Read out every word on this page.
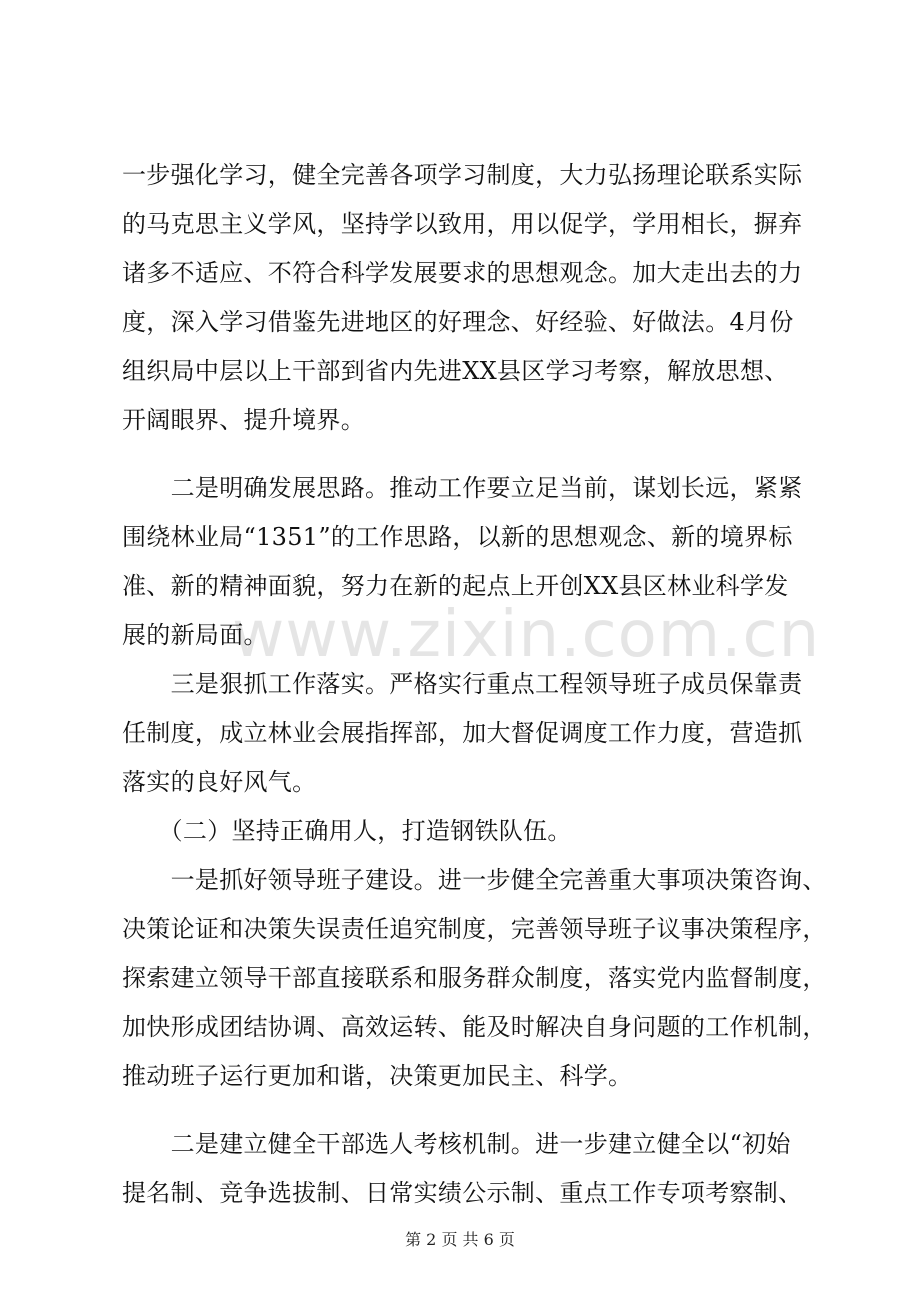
www.zixin.com.cn
一步强化学习，健全完善各项学习制度，大力弘扬理论联系实际
的马克思主义学风，坚持学以致用，用以促学，学用相长，摒弃
诸多不适应、不符合科学发展要求的思想观念。加大走出去的力
度，深入学习借鉴先进地区的好理念、好经验、好做法。4月份
组织局中层以上干部到省内先进XX县区学习考察，解放思想、
开阔眼界、提升境界。
　　二是明确发展思路。推动工作要立足当前，谋划长远，紧紧
围绕林业局“1351”的工作思路，以新的思想观念、新的境界标
准、新的精神面貌，努力在新的起点上开创XX县区林业科学发
展的新局面。
　　三是狠抓工作落实。严格实行重点工程领导班子成员保靠责
任制度，成立林业会展指挥部，加大督促调度工作力度，营造抓
落实的良好风气。
　　（二）坚持正确用人，打造钢铁队伍。
　　一是抓好领导班子建设。进一步健全完善重大事项决策咨询、
决策论证和决策失误责任追究制度，完善领导班子议事决策程序，
探索建立领导干部直接联系和服务群众制度，落实党内监督制度，
加快形成团结协调、高效运转、能及时解决自身问题的工作机制，
推动班子运行更加和谐，决策更加民主、科学。
　　二是建立健全干部选人考核机制。进一步建立健全以“初始
提名制、竞争选拔制、日常实绩公示制、重点工作专项考察制、
第 2 页 共 6 页
